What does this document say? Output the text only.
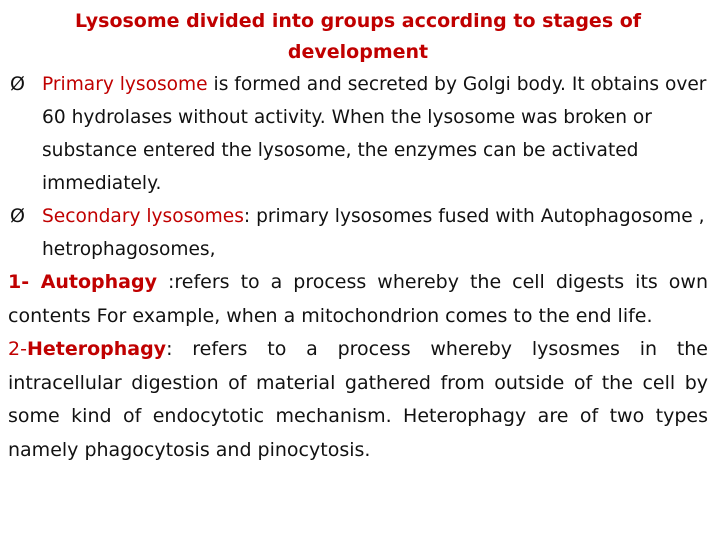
Lysosome divided into groups according to stages of development

Ø Primary lysosome is formed and secreted by Golgi body. It obtains over 60 hydrolases without activity. When the lysosome was broken or substance entered the lysosome, the enzymes can be activated immediately.

Ø Secondary lysosomes: primary lysosomes fused with Autophagosome , hetrophagosomes,

1- Autophagy :refers to a process whereby the cell digests its own contents For example, when a mitochondrion comes to the end life.

2-Heterophagy: refers to a process whereby lysosmes in the intracellular digestion of material gathered from outside of the cell by some kind of endocytotic mechanism. Heterophagy are of two types namely phagocytosis and pinocytosis.
